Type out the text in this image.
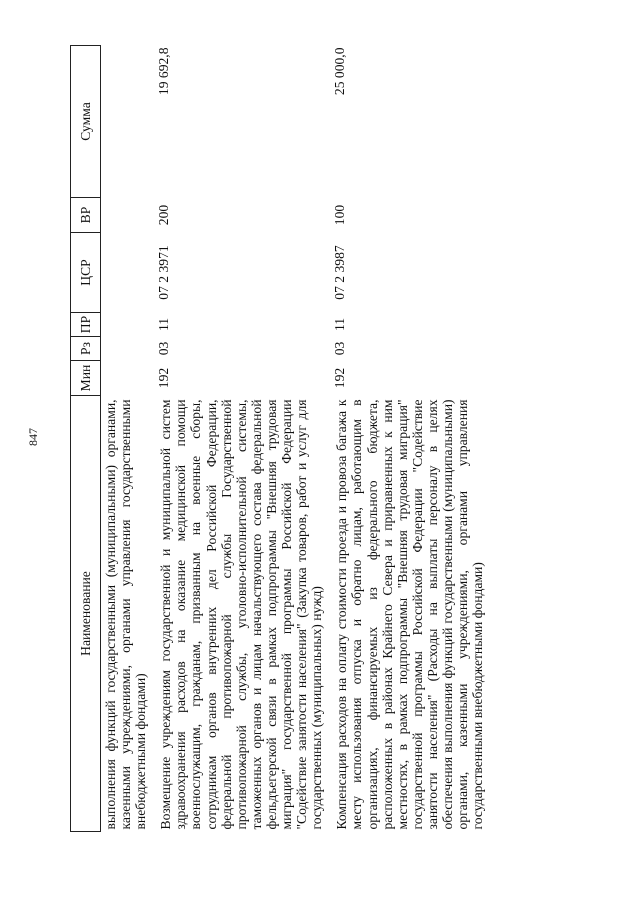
847
Наименование	Мин	Рз	ПР	ЦСР	ВР	Сумма
выполнения функций государственными (муниципальными) органами, казенными учреждениями, органами управления государственными внебюджетными фондами)						

Возмещение учреждениям государственной и муниципальной систем здравоохранения расходов на оказание медицинской помощи военнослужащим, гражданам, призванным на военные сборы, сотрудникам органов внутренних дел Российской Федерации, федеральной противопожарной службы Государственной противопожарной службы, уголовно-исполнительной системы, таможенных органов и лицам начальствующего состава федеральной фельдъегерской связи в рамках подпрограммы "Внешняя трудовая миграция" государственной программы Российской Федерации "Содействие занятости населения" (Закупка товаров, работ и услуг для государственных (муниципальных) нужд)	192	03	11	07 2 3971	200	19 692,8

Компенсация расходов на оплату стоимости проезда и провоза багажа к месту использования отпуска и обратно лицам, работающим в организациях, финансируемых из федерального бюджета, расположенных в районах Крайнего Севера и приравненных к ним местностях, в рамках подпрограммы "Внешняя трудовая миграция" государственной программы Российской Федерации "Содействие занятости населения" (Расходы на выплаты персоналу в целях обеспечения выполнения функций государственными (муниципальными) органами, казенными учреждениями, органами управления государственными внебюджетными фондами)	192	03	11	07 2 3987	100	25 000,0
